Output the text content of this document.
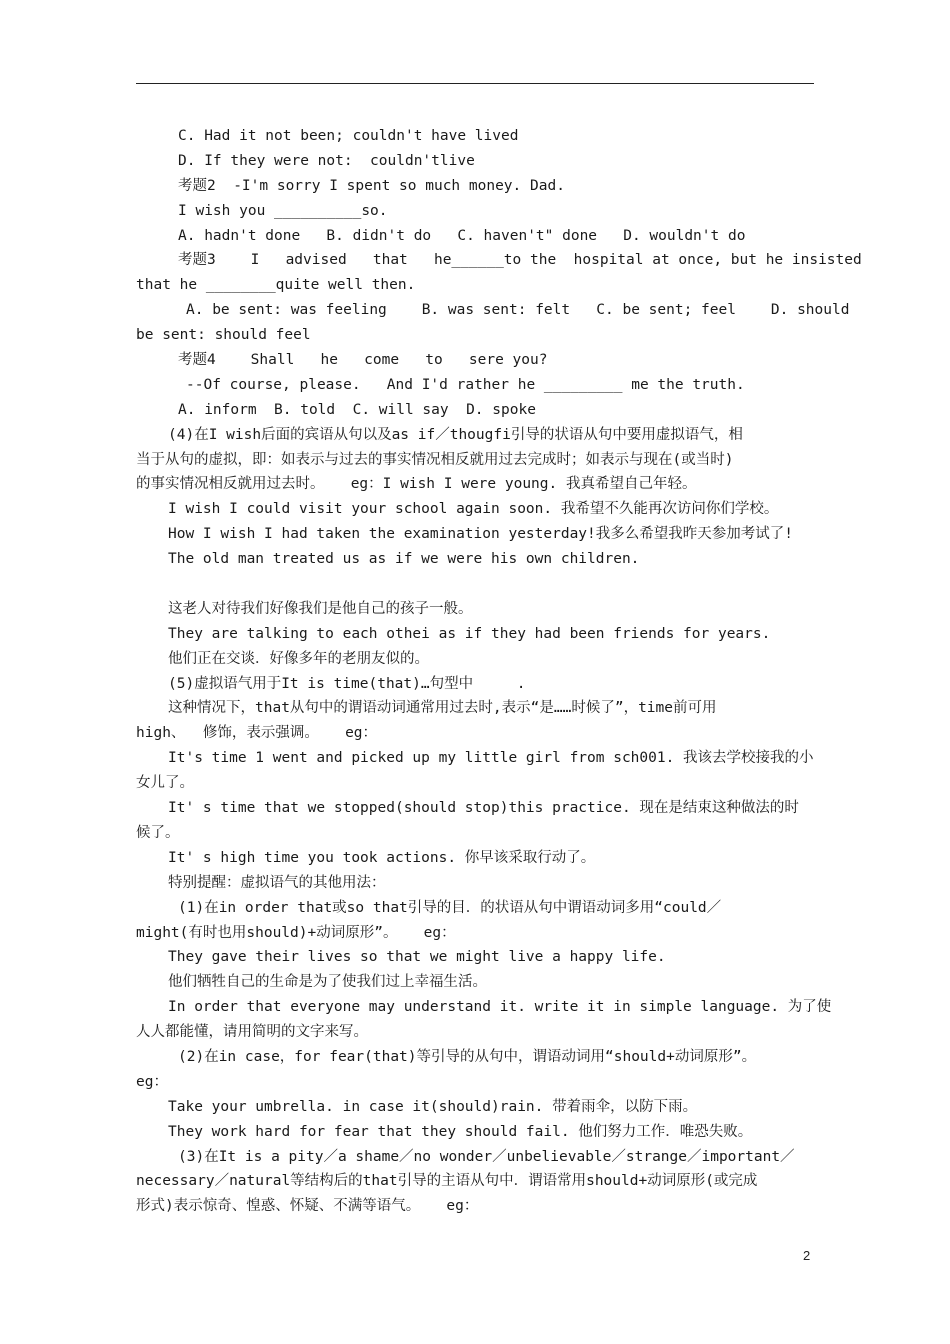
C. Had it not been; couldn't have lived
D. If they were not:  couldn'tlive
考题2  -I'm sorry I spent so much money. Dad.
I wish you __________so.
A. hadn't done   B. didn't do   C. haven't" done   D. wouldn't do
考题3    I   advised   that   he______to the  hospital at once, but he insisted
that he ________quite well then.
A. be sent: was feeling    B. was sent: felt   C. be sent; feel    D. should
be sent: should feel
考题4    Shall   he   come   to   sere you?
--Of course, please.   And I'd rather he _________ me the truth.
A. inform  B. told  C. will say  D. spoke
(4)在I wish后面的宾语从句以及as if／thougfi引导的状语从句中要用虚拟语气，相
当于从句的虚拟，即：如表示与过去的事实情况相反就用过去完成时；如表示与现在(或当时)
的事实情况相反就用过去时。   eg：I wish I were young. 我真希望自己年轻。
I wish I could visit your school again soon. 我希望不久能再次访问你们学校。
How I wish I had taken the examination yesterday!我多么希望我昨天参加考试了!
The old man treated us as if we were his own children.
这老人对待我们好像我们是他自己的孩子一般。
They are talking to each othei as if they had been friends for years.
他们正在交谈．好像多年的老朋友似的。
(5)虚拟语气用于It is time(that)…句型中     .
这种情况下，that从句中的谓语动词通常用过去时,表示“是……时候了”，time前可用
high、  修饰，表示强调。   eg：
It's time 1 went and picked up my little girl from sch001. 我该去学校接我的小
女儿了。
It' s time that we stopped(should stop)this practice. 现在是结束这种做法的时
候了。
It' s high time you took actions. 你早该采取行动了。
特别提醒：虚拟语气的其他用法：
(1)在in order that或so that引导的目．的状语从句中谓语动词多用“could／
might(有时也用should)+动词原形”。   eg：
They gave their lives so that we might live a happy life.
他们牺牲自己的生命是为了使我们过上幸福生活。
In order that everyone may understand it. write it in simple language. 为了使
人人都能懂，请用简明的文字来写。
(2)在in case，for fear(that)等引导的从句中，谓语动词用“should+动词原形”。
eg：
Take your umbrella. in case it(should)rain. 带着雨伞，以防下雨。
They work hard for fear that they should fail. 他们努力工作．唯恐失败。
(3)在It is a pity／a shame／no wonder／unbelievable／strange／important／
necessary／natural等结构后的that引导的主语从句中．谓语常用should+动词原形(或完成
形式)表示惊奇、惶惑、怀疑、不满等语气。   eg：
2
